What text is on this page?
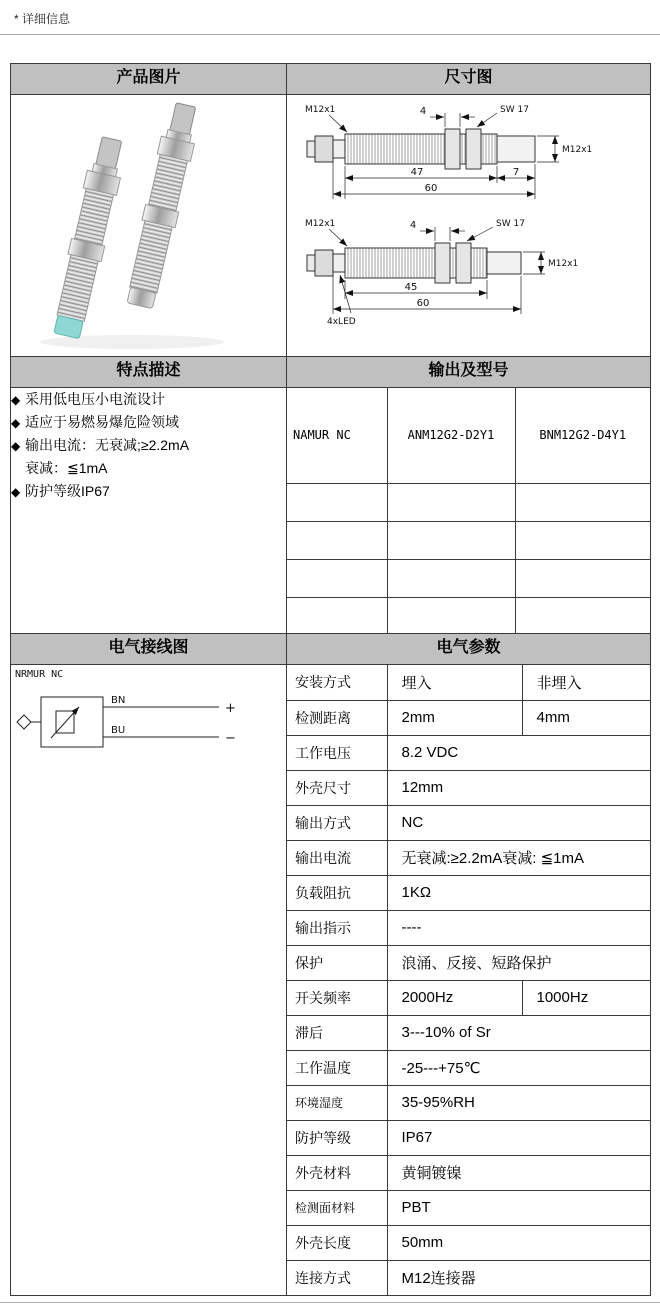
* 详细信息
产品图片	尺寸图

M12x1	4	SW 17
M12x1
47	7
60
M12x1	4	SW 17
M12x1
4xLED
45
60

特点描述	输出及型号

◆ 采用低电压小电流设计
◆ 适应于易燃易爆危险领域
◆ 输出电流：无衰减;≥2.2mA
衰减：≦1mA
◆ 防护等级IP67

NAMUR NC	ANM12G2-D2Y1	BNM12G2-D4Y1

电气接线图	电气参数

NRMUR NC
BN
BU
+
−

安装方式	埋入	非埋入
检测距离	2mm	4mm
工作电压	8.2 VDC
外壳尺寸	12mm
输出方式	NC
输出电流	无衰减:≥2.2mA衰减: ≦1mA
负载阻抗	1KΩ
输出指示	----
保护	浪涌、反接、短路保护
开关频率	2000Hz	1000Hz
滞后	3---10% of Sr
工作温度	-25---+75℃
环境湿度	35-95%RH
防护等级	IP67
外壳材料	黄铜镀镍
检测面材料	PBT
外壳长度	50mm
连接方式	M12连接器
